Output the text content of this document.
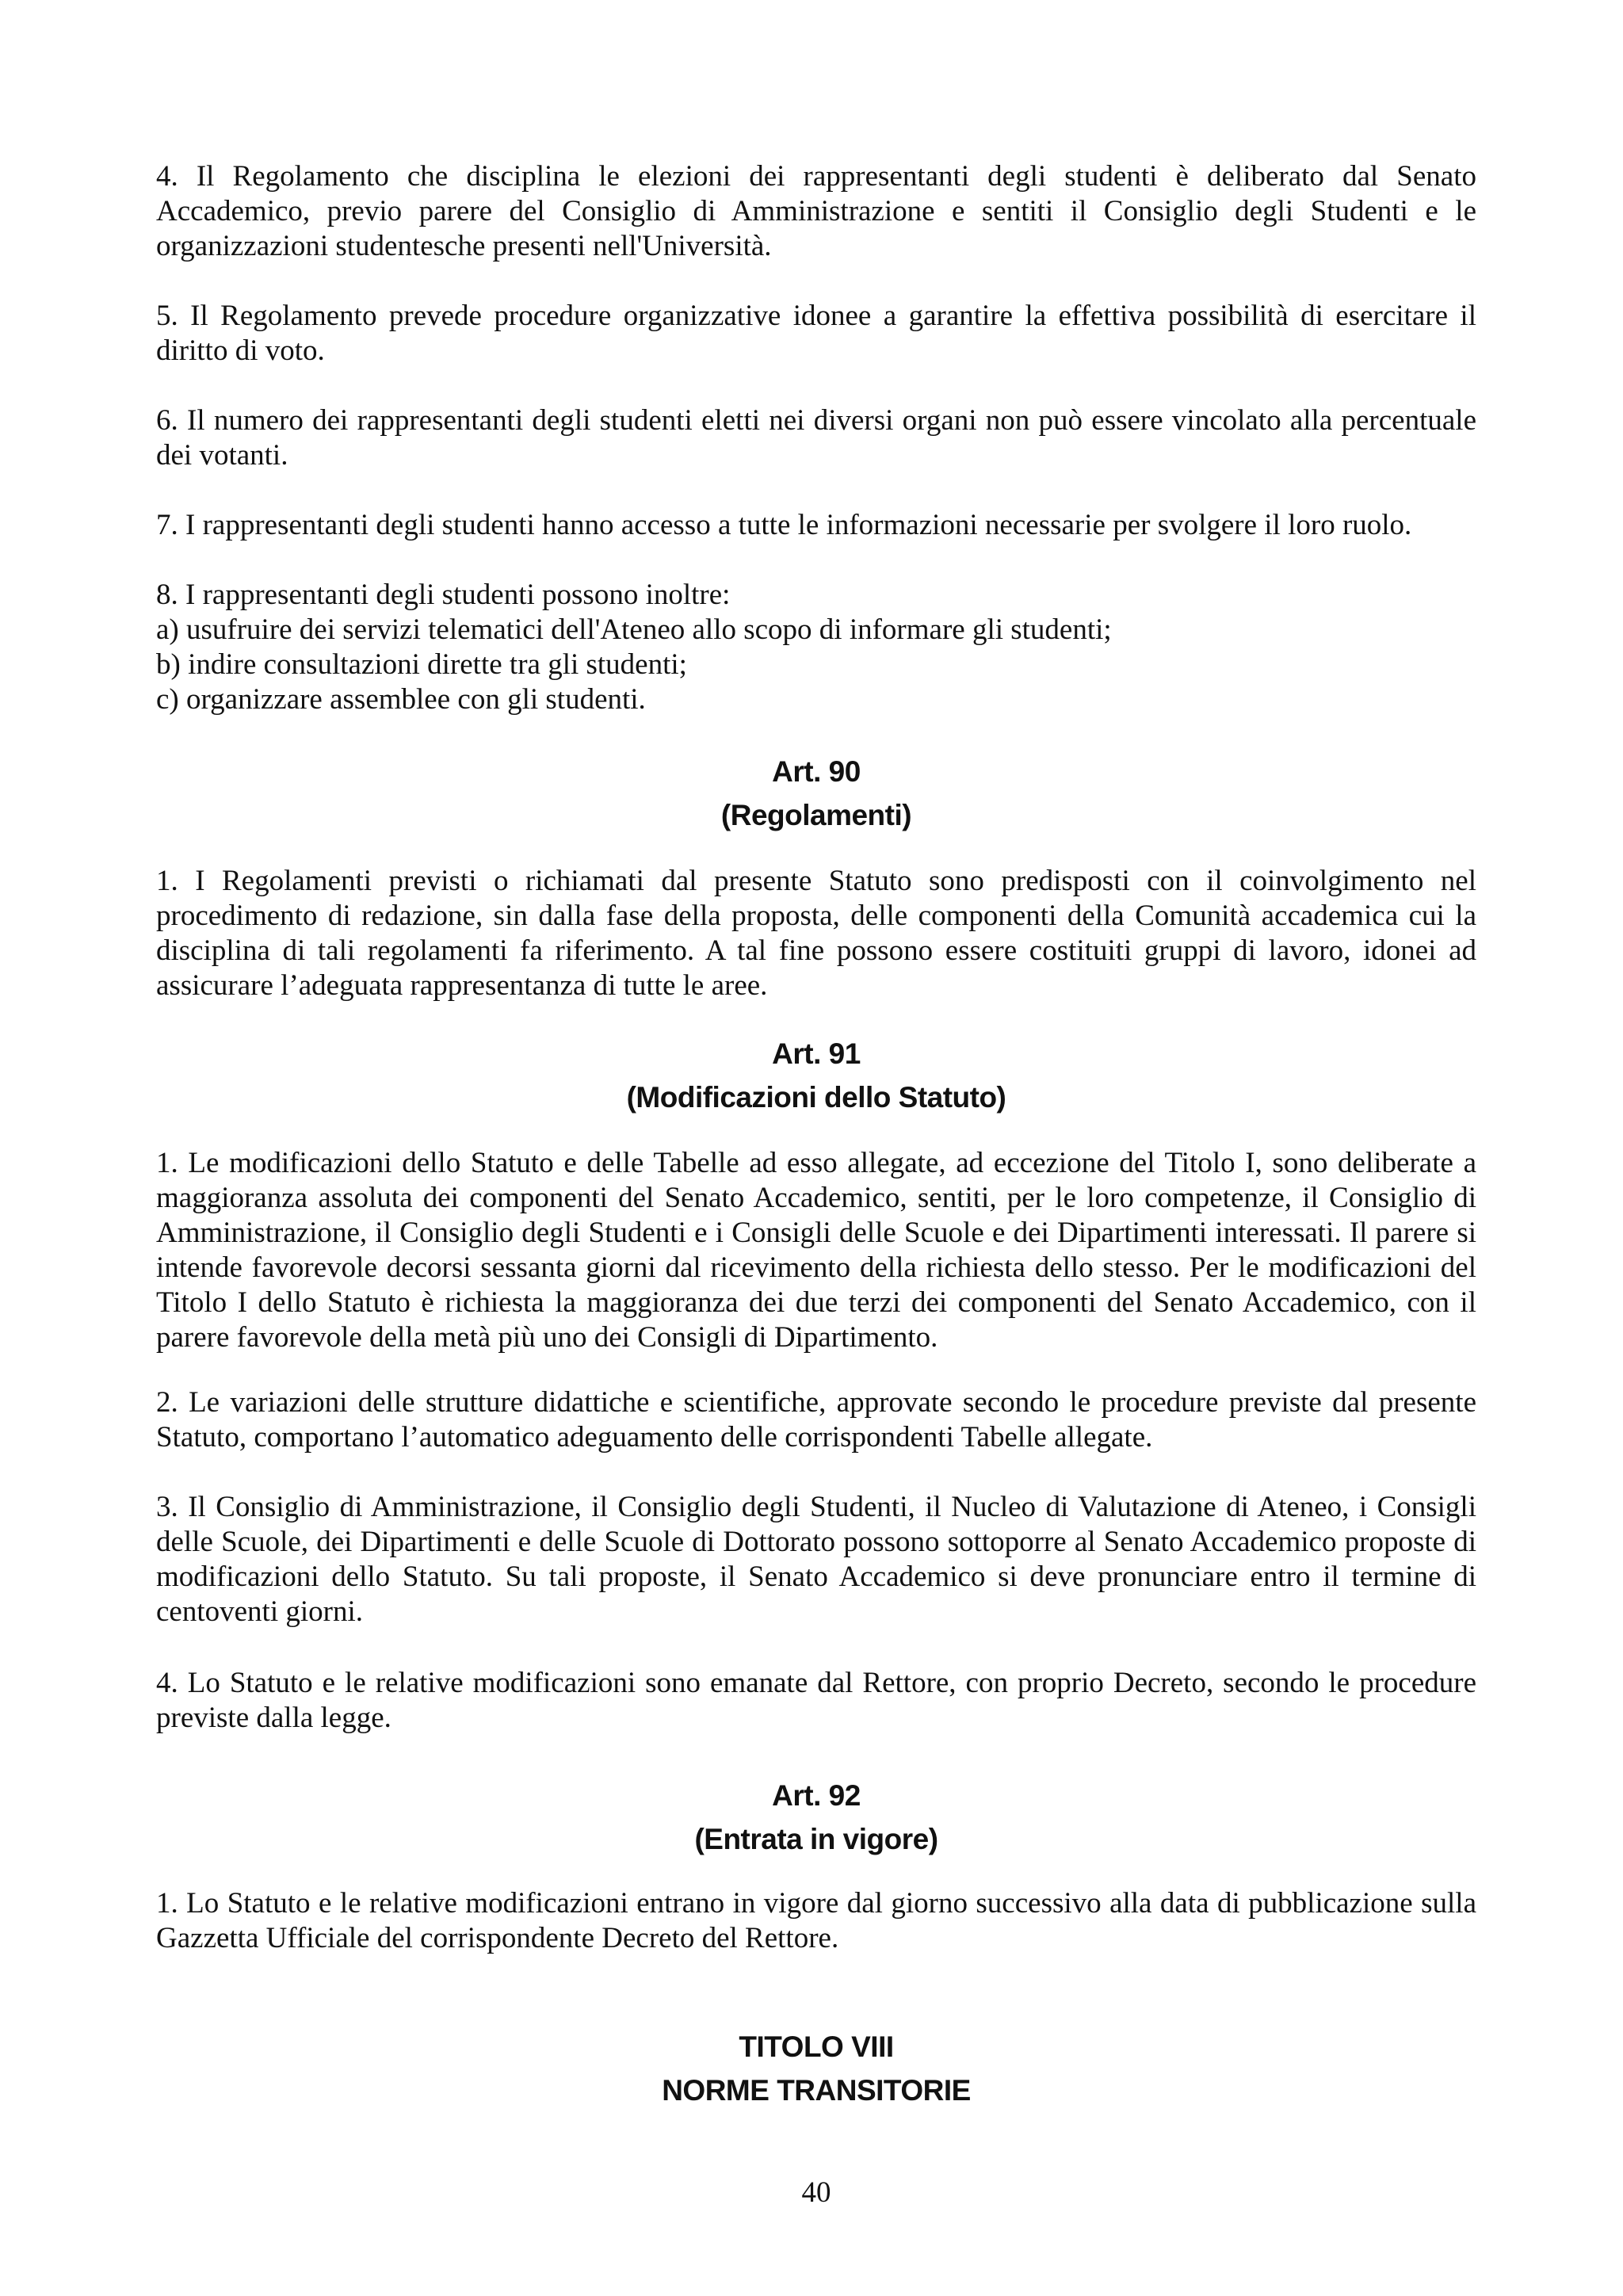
4. Il Regolamento che disciplina le elezioni dei rappresentanti degli studenti è deliberato dal Senato Accademico, previo parere del Consiglio di Amministrazione e sentiti il Consiglio degli Studenti e le organizzazioni studentesche presenti nell'Università.
5. Il Regolamento prevede procedure organizzative idonee a garantire la effettiva possibilità di esercitare il diritto di voto.
6. Il numero dei rappresentanti degli studenti eletti nei diversi organi non può essere vincolato alla percentuale dei votanti.
7. I rappresentanti degli studenti hanno accesso a tutte le informazioni necessarie per svolgere il loro ruolo.
8. I rappresentanti degli studenti possono inoltre:
a) usufruire dei servizi telematici dell'Ateneo allo scopo di informare gli studenti;
b) indire consultazioni dirette tra gli studenti;
c) organizzare assemblee con gli studenti.
Art. 90
(Regolamenti)
1. I Regolamenti previsti o richiamati dal presente Statuto sono predisposti con il coinvolgimento nel procedimento di redazione, sin dalla fase della proposta, delle componenti della Comunità accademica cui la disciplina di tali regolamenti fa riferimento. A tal fine possono essere costituiti gruppi di lavoro, idonei ad assicurare l’adeguata rappresentanza di tutte le aree.
Art. 91
(Modificazioni dello Statuto)
1. Le modificazioni dello Statuto e delle Tabelle ad esso allegate, ad eccezione del Titolo I, sono deliberate a maggioranza assoluta dei componenti del Senato Accademico, sentiti, per le loro competenze, il Consiglio di Amministrazione, il Consiglio degli Studenti e i Consigli delle Scuole e dei Dipartimenti interessati. Il parere si intende favorevole decorsi sessanta giorni dal ricevimento della richiesta dello stesso. Per le modificazioni del Titolo I dello Statuto è richiesta la maggioranza dei due terzi dei componenti del Senato Accademico, con il parere favorevole della metà più uno dei Consigli di Dipartimento.
2. Le variazioni delle strutture didattiche e scientifiche, approvate secondo le procedure previste dal presente Statuto, comportano l’automatico adeguamento delle corrispondenti Tabelle allegate.
3. Il Consiglio di Amministrazione, il Consiglio degli Studenti, il Nucleo di Valutazione di Ateneo, i Consigli delle Scuole, dei Dipartimenti e delle Scuole di Dottorato possono sottoporre al Senato Accademico proposte di modificazioni dello Statuto. Su tali proposte, il Senato Accademico si deve pronunciare entro il termine di centoventi giorni.
4. Lo Statuto e le relative modificazioni sono emanate dal Rettore, con proprio Decreto, secondo le procedure previste dalla legge.
Art. 92
(Entrata in vigore)
1. Lo Statuto e le relative modificazioni entrano in vigore dal giorno successivo alla data di pubblicazione sulla Gazzetta Ufficiale del corrispondente Decreto del Rettore.
TITOLO VIII
NORME TRANSITORIE
40
